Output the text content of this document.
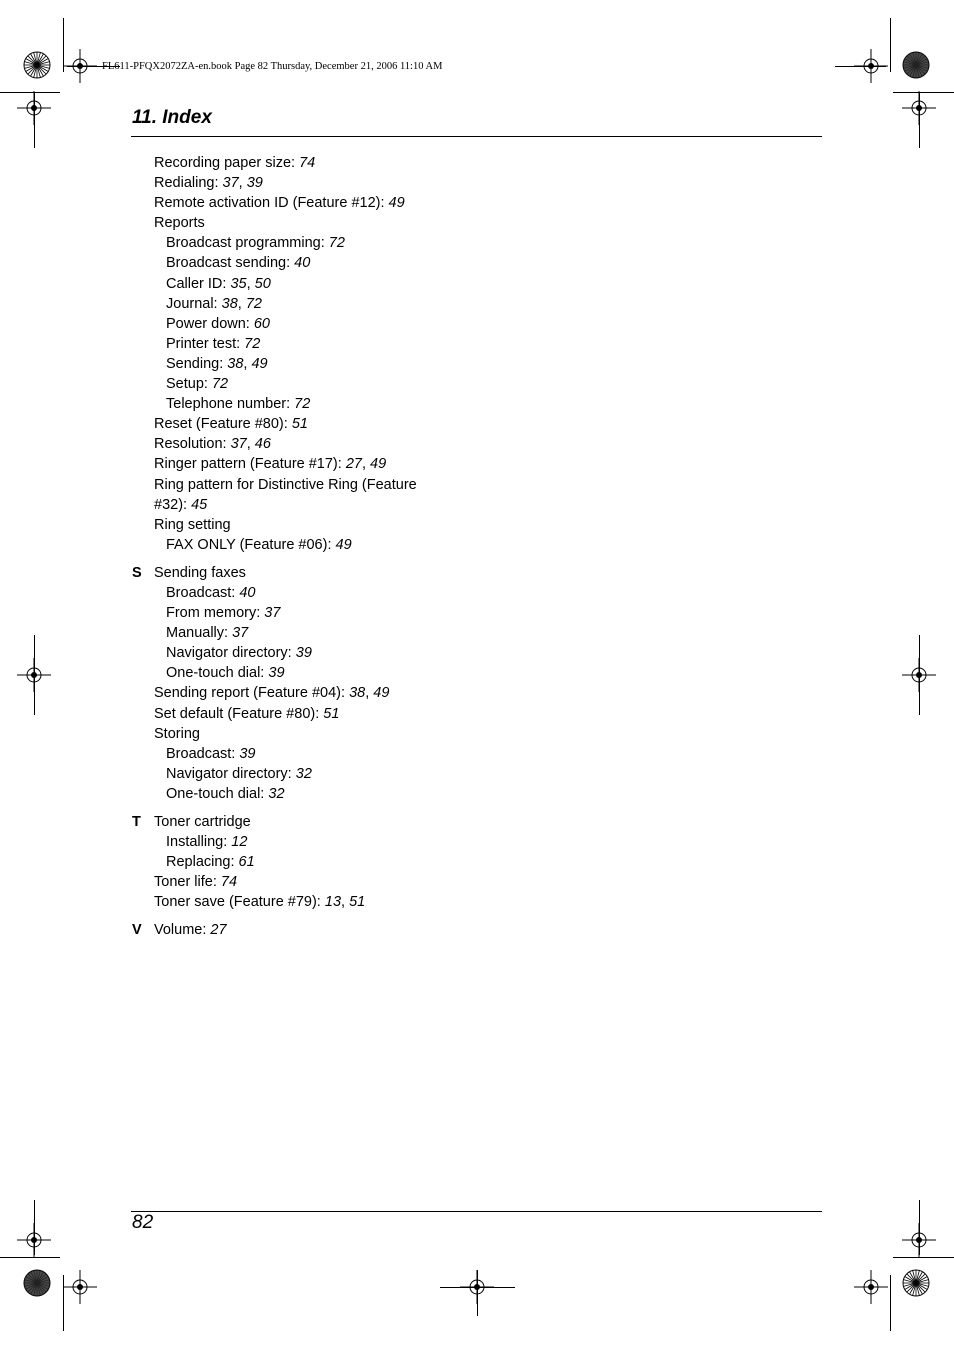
FL611-PFQX2072ZA-en.book Page 82 Thursday, December 21, 2006 11:10 AM
11. Index
Recording paper size: 74
Redialing: 37, 39
Remote activation ID (Feature #12): 49
Reports
Broadcast programming: 72
Broadcast sending: 40
Caller ID: 35, 50
Journal: 38, 72
Power down: 60
Printer test: 72
Sending: 38, 49
Setup: 72
Telephone number: 72
Reset (Feature #80): 51
Resolution: 37, 46
Ringer pattern (Feature #17): 27, 49
Ring pattern for Distinctive Ring (Feature #32): 45
Ring setting
FAX ONLY (Feature #06): 49
S Sending faxes
Broadcast: 40
From memory: 37
Manually: 37
Navigator directory: 39
One-touch dial: 39
Sending report (Feature #04): 38, 49
Set default (Feature #80): 51
Storing
Broadcast: 39
Navigator directory: 32
One-touch dial: 32
T Toner cartridge
Installing: 12
Replacing: 61
Toner life: 74
Toner save (Feature #79): 13, 51
V Volume: 27
82
